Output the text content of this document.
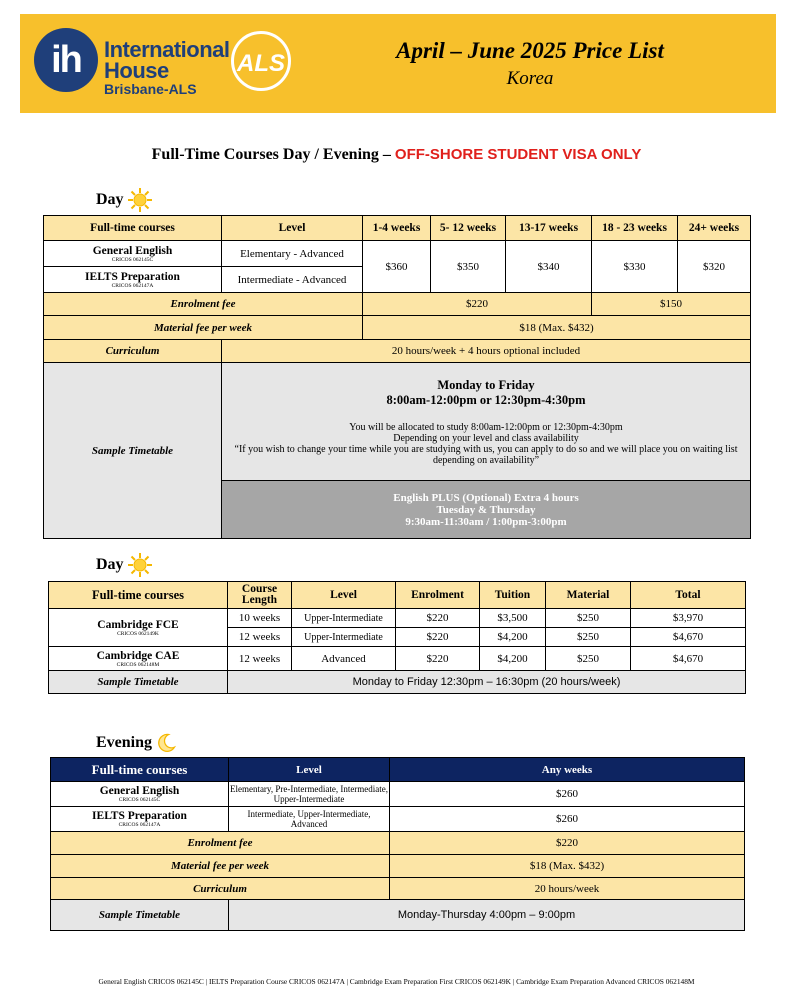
ih	International
House
Brisbane-ALS
ALS	April – June 2025 Price List
Korea
Full-Time Courses Day / Evening – OFF-SHORE STUDENT VISA ONLY
Day
Full-time courses	Level	1-4 weeks	5- 12 weeks	13-17 weeks	18 - 23 weeks	24+ weeks

General English
CRICOS 062145C	Elementary - Advanced	$360	$350	$340	$330	$320

IELTS Preparation
CRICOS 062147A	Intermediate - Advanced					
Enrolment fee		$220			$150	
Material fee per week		$18 (Max. $432)				
Curriculum	20 hours/week + 4 hours optional included					
Sample Timetable	Monday to Friday
8:00am-12:00pm or 12:30pm-4:30pm
You will be allocated to study 8:00am-12:00pm or 12:30pm-4:30pm
Depending on your level and class availability
“If you wish to change your time while you are studying with us, you can apply to do so and we will place you on waiting list depending on availability”					

	English PLUS (Optional) Extra 4 hours
Tuesday & Thursday
9:30am-11:30am / 1:00pm-3:00pm					
Day
Full-time courses	Course Length	Level	Enrolment	Tuition	Material	Total

Cambridge FCE
CRICOS 062149K	10 weeks	Upper-Intermediate	$220	$3,500	$250	$3,970
	12 weeks	Upper-Intermediate	$220	$4,200	$250	$4,670

Cambridge CAE
CRICOS 062148M	12 weeks	Advanced	$220	$4,200	$250	$4,670
Sample Timetable	Monday to Friday 12:30pm – 16:30pm (20 hours/week)					
Evening
Full-time courses	Level	Any weeks

General English
CRICOS 062145C	Elementary, Pre-Intermediate, Intermediate, Upper-Intermediate	$260

IELTS Preparation
CRICOS 062147A	Intermediate, Upper-Intermediate, Advanced	$260
Enrolment fee		$220
Material fee per week		$18 (Max. $432)
Curriculum		20 hours/week
Sample Timetable	Monday-Thursday 4:00pm – 9:00pm	
General English CRICOS 062145C | IELTS Preparation Course CRICOS 062147A | Cambridge Exam Preparation First CRICOS 062149K | Cambridge Exam Preparation Advanced CRICOS 062148M
